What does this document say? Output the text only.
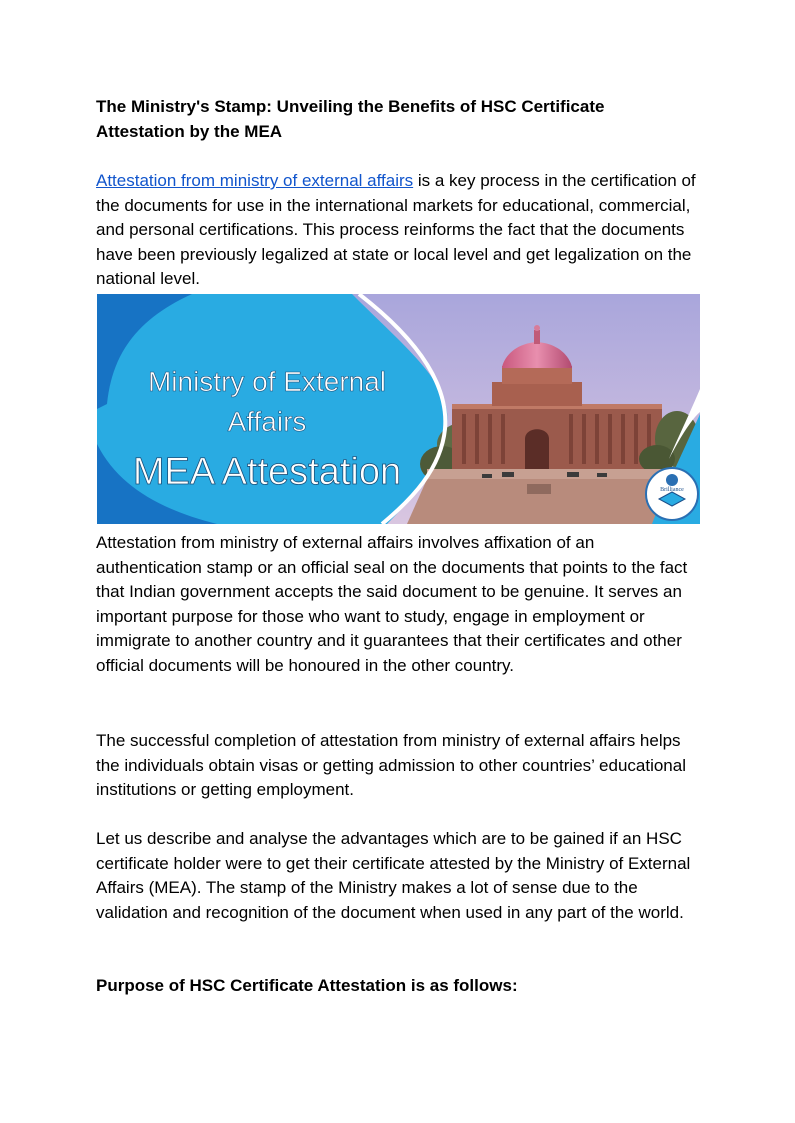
The Ministry's Stamp: Unveiling the Benefits of HSC Certificate Attestation by the MEA

Attestation from ministry of external affairs is a key process in the certification of the documents for use in the international markets for educational, commercial, and personal certifications. This process reinforms the fact that the documents have been previously legalized at state or local level and get legalization on the national level.

Brilliance
Ministry of External
Affairs
MEA Attestation

Attestation from ministry of external affairs involves affixation of an authentication stamp or an official seal on the documents that points to the fact that Indian government accepts the said document to be genuine. It serves an important purpose for those who want to study, engage in employment or immigrate to another country and it guarantees that their certificates and other official documents will be honoured in the other country.

The successful completion of attestation from ministry of external affairs helps the individuals obtain visas or getting admission to other countries’ educational institutions or getting employment.

Let us describe and analyse the advantages which are to be gained if an HSC certificate holder were to get their certificate attested by the Ministry of External Affairs (MEA). The stamp of the Ministry makes a lot of sense due to the validation and recognition of the document when used in any part of the world.

Purpose of HSC Certificate Attestation is as follows:
